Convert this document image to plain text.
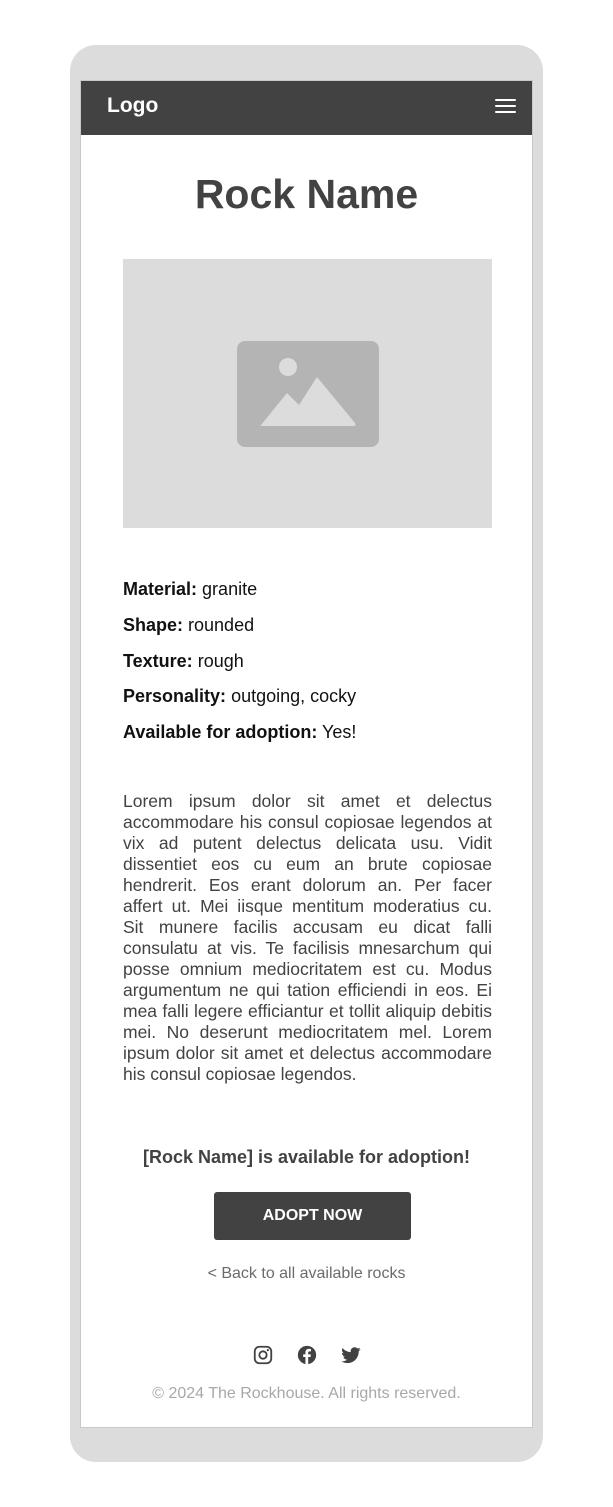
Logo
Rock Name
Material: granite
Shape: rounded
Texture: rough
Personality: outgoing, cocky
Available for adoption: Yes!

Lorem ipsum dolor sit amet et delectus accommodare his consul copiosae legendos at vix ad putent delectus delicata usu. Vidit dissentiet eos cu eum an brute copiosae hendrerit. Eos erant dolorum an. Per facer affert ut. Mei iisque mentitum moderatius cu. Sit munere facilis accusam eu dicat falli consulatu at vis. Te facilisis mnesarchum qui posse omnium mediocritatem est cu. Modus argumentum ne qui tation efficiendi in eos. Ei mea falli legere efficiantur et tollit aliquip debitis mei. No deserunt mediocritatem mel. Lorem ipsum dolor sit amet et delectus accommodare his consul copiosae legendos.

[Rock Name] is available for adoption!
ADOPT NOW
< Back to all available rocks
© 2024 The Rockhouse. All rights reserved.
